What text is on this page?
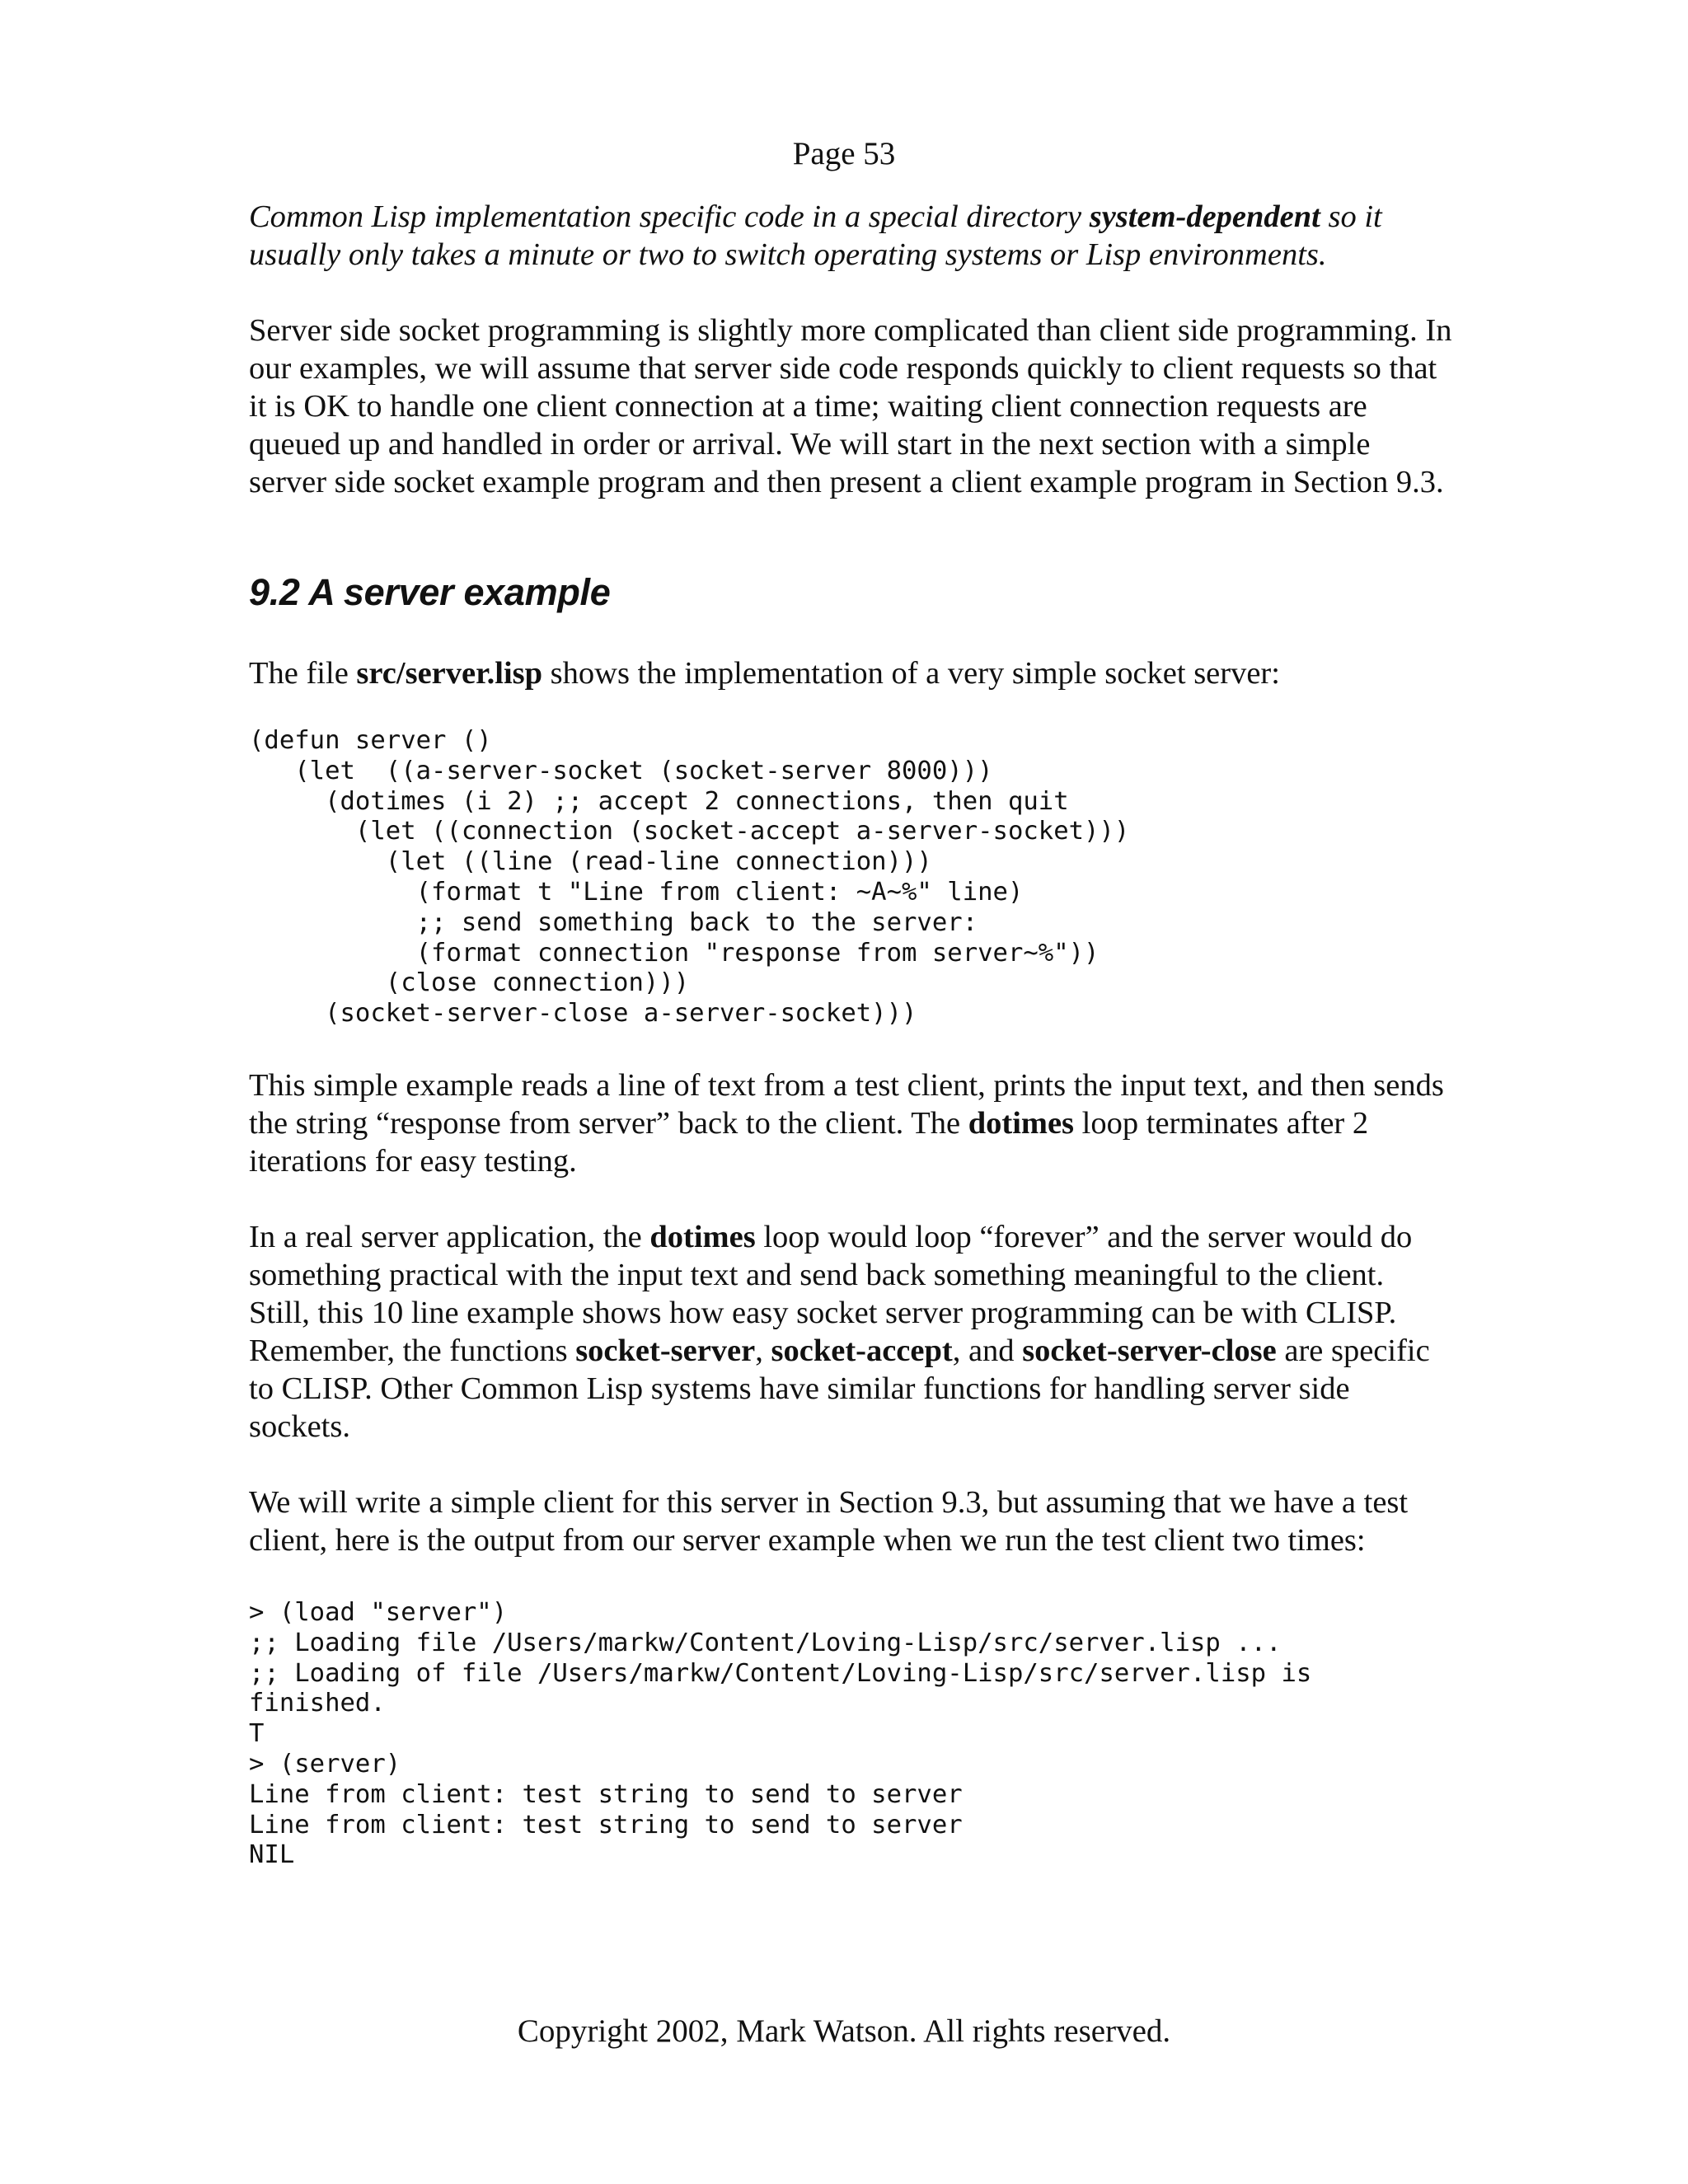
Page 53

Common Lisp implementation specific code in a special directory system-dependent so it usually only takes a minute or two to switch operating systems or Lisp environments.

Server side socket programming is slightly more complicated than client side programming. In our examples, we will assume that server side code responds quickly to client requests so that it is OK to handle one client connection at a time; waiting client connection requests are queued up and handled in order or arrival. We will start in the next section with a simple server side socket example program and then present a client example program in Section 9.3.

9.2 A server example

The file src/server.lisp shows the implementation of a very simple socket server:

(defun server ()
(let  ((a-server-socket (socket-server 8000)))
(dotimes (i 2) ;; accept 2 connections, then quit
(let ((connection (socket-accept a-server-socket)))
(let ((line (read-line connection)))
(format t "Line from client: ~A~%" line)
;; send something back to the server:
(format connection "response from server~%"))
(close connection)))
(socket-server-close a-server-socket)))

This simple example reads a line of text from a test client, prints the input text, and then sends the string “response from server” back to the client. The dotimes loop terminates after 2 iterations for easy testing.

In a real server application, the dotimes loop would loop “forever” and the server would do something practical with the input text and send back something meaningful to the client. Still, this 10 line example shows how easy socket server programming can be with CLISP. Remember, the functions socket-server, socket-accept, and socket-server-close are specific to CLISP. Other Common Lisp systems have similar functions for handling server side sockets.

We will write a simple client for this server in Section 9.3, but assuming that we have a test client, here is the output from our server example when we run the test client two times:

> (load "server")
;; Loading file /Users/markw/Content/Loving-Lisp/src/server.lisp ...
;; Loading of file /Users/markw/Content/Loving-Lisp/src/server.lisp is
finished.
T
> (server)
Line from client: test string to send to server
Line from client: test string to send to server
NIL
Copyright 2002, Mark Watson. All rights reserved.
